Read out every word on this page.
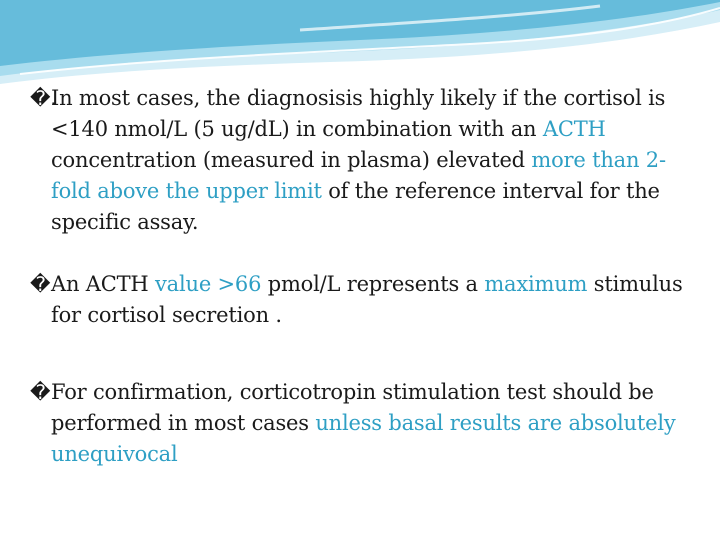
�.
In most cases, the diagnosisis highly likely if the cortisol is <140 nmol/L (5 ug/dL) in combination with an ACTH concentration (measured in plasma) elevated more than 2-fold above the upper limit of the reference interval for the specific assay.

� An ACTH value >66 pmol/L represents a maximum stimulus for cortisol secretion .

� For confirmation, corticotropin stimulation test should be performed in most cases unless basal results are absolutely unequivocal
